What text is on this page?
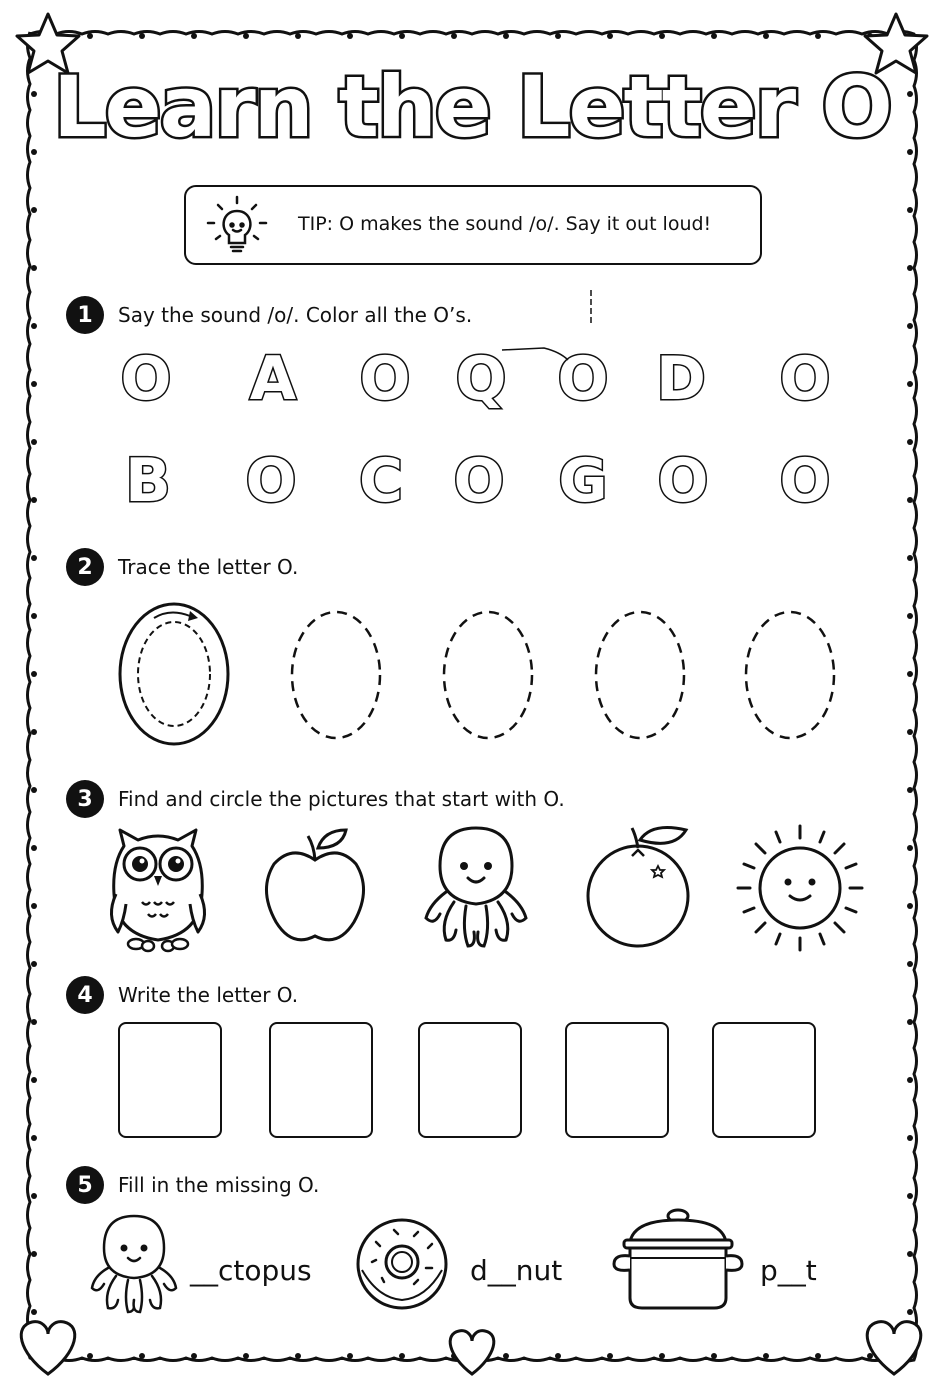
Learn the Letter O
TIP: O makes the sound /o/. Say it out loud!
1	Say the sound /o/. Color all the O’s.
2	Trace the letter O.
3	Find and circle the pictures that start with O.
4	Write the letter O.
5	Fill in the missing O.
O A O Q O D O
B O C O G O O
__ctopus	d__nut	p__t
